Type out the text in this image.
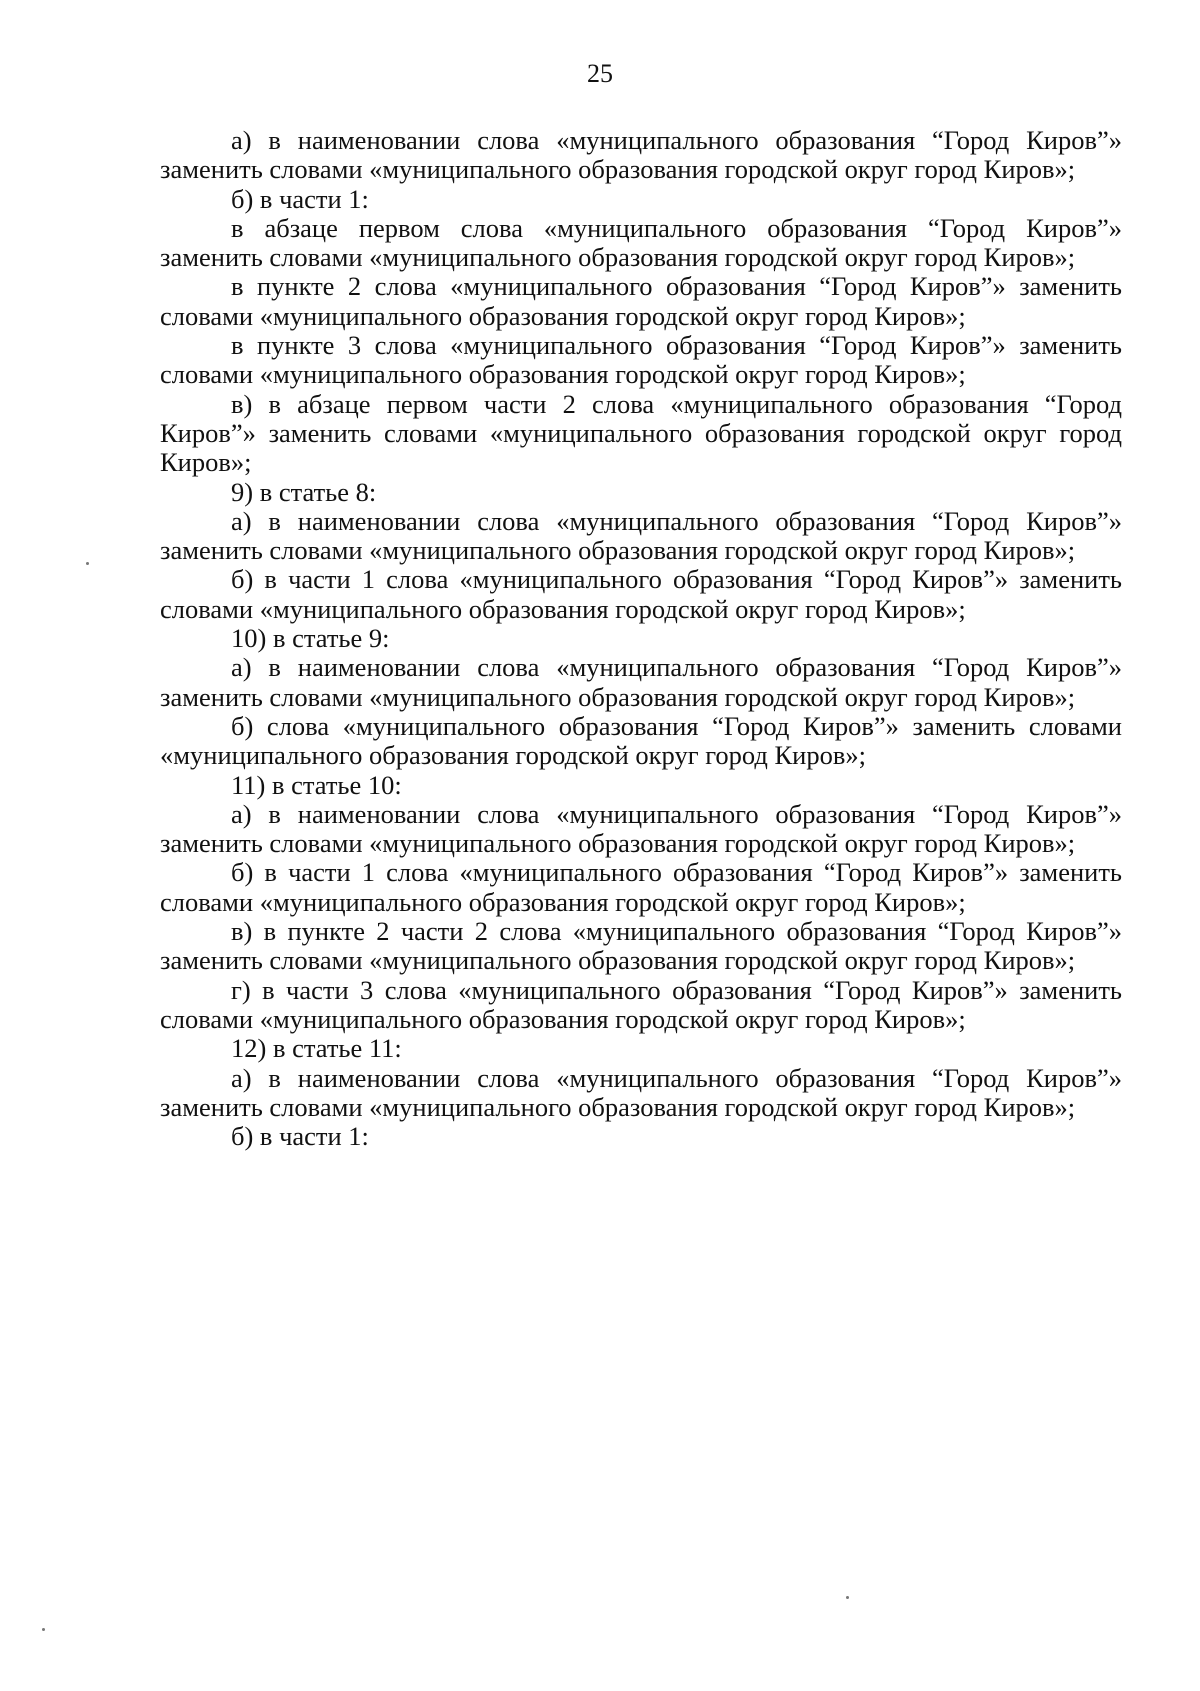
25

а) в наименовании слова «муниципального образования “Город Киров”» заменить словами «муниципального образования городской округ город Киров»;

б) в части 1:

в абзаце первом слова «муниципального образования “Город Киров”» заменить словами «муниципального образования городской округ город Киров»;

в пункте 2 слова «муниципального образования “Город Киров”» заменить словами «муниципального образования городской округ город Киров»;

в пункте 3 слова «муниципального образования “Город Киров”» заменить словами «муниципального образования городской округ город Киров»;

в) в абзаце первом части 2 слова «муниципального образования “Город Киров”» заменить словами «муниципального образования городской округ город Киров»;

9) в статье 8:

а) в наименовании слова «муниципального образования “Город Киров”» заменить словами «муниципального образования городской округ город Киров»;

б) в части 1 слова «муниципального образования “Город Киров”» заменить словами «муниципального образования городской округ город Киров»;

10) в статье 9:

а) в наименовании слова «муниципального образования “Город Киров”» заменить словами «муниципального образования городской округ город Киров»;

б) слова «муниципального образования “Город Киров”» заменить словами «муниципального образования городской округ город Киров»;

11) в статье 10:

а) в наименовании слова «муниципального образования “Город Киров”» заменить словами «муниципального образования городской округ город Киров»;

б) в части 1 слова «муниципального образования “Город Киров”» заменить словами «муниципального образования городской округ город Киров»;

в) в пункте 2 части 2 слова «муниципального образования “Город Киров”» заменить словами «муниципального образования городской округ город Киров»;

г) в части 3 слова «муниципального образования “Город Киров”» заменить словами «муниципального образования городской округ город Киров»;

12) в статье 11:

а) в наименовании слова «муниципального образования “Город Киров”» заменить словами «муниципального образования городской округ город Киров»;

б) в части 1:
